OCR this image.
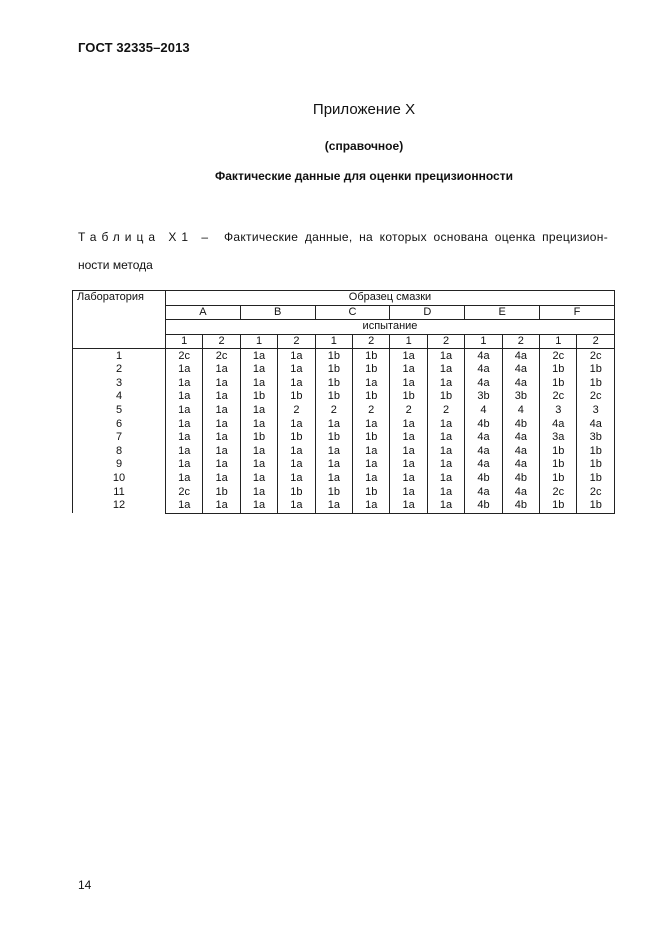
ГОСТ 32335–2013
Приложение X
(справочное)
Фактические данные для оценки прецизионности
Таблица X1 – Фактические данные, на которых основана оценка прецизион-
ности метода
Лаборатория	Образец смазки											
	A		B		C		D		E		F	
	испытание											
	1	2	1	2	1	2	1	2	1	2	1	2
1	2c	2c	1a	1a	1b	1b	1a	1a	4a	4a	2c	2c
2	1a	1a	1a	1a	1b	1b	1a	1a	4a	4a	1b	1b
3	1a	1a	1a	1a	1b	1a	1a	1a	4a	4a	1b	1b
4	1a	1a	1b	1b	1b	1b	1b	1b	3b	3b	2c	2c
5	1a	1a	1a	2	2	2	2	2	4	4	3	3
6	1a	1a	1a	1a	1a	1a	1a	1a	4b	4b	4a	4a
7	1a	1a	1b	1b	1b	1b	1a	1a	4a	4a	3a	3b
8	1a	1a	1a	1a	1a	1a	1a	1a	4a	4a	1b	1b
9	1a	1a	1a	1a	1a	1a	1a	1a	4a	4a	1b	1b
10	1a	1a	1a	1a	1a	1a	1a	1a	4b	4b	1b	1b
11	2c	1b	1a	1b	1b	1b	1a	1a	4a	4a	2c	2c
12	1a	1a	1a	1a	1a	1a	1a	1a	4b	4b	1b	1b
14
